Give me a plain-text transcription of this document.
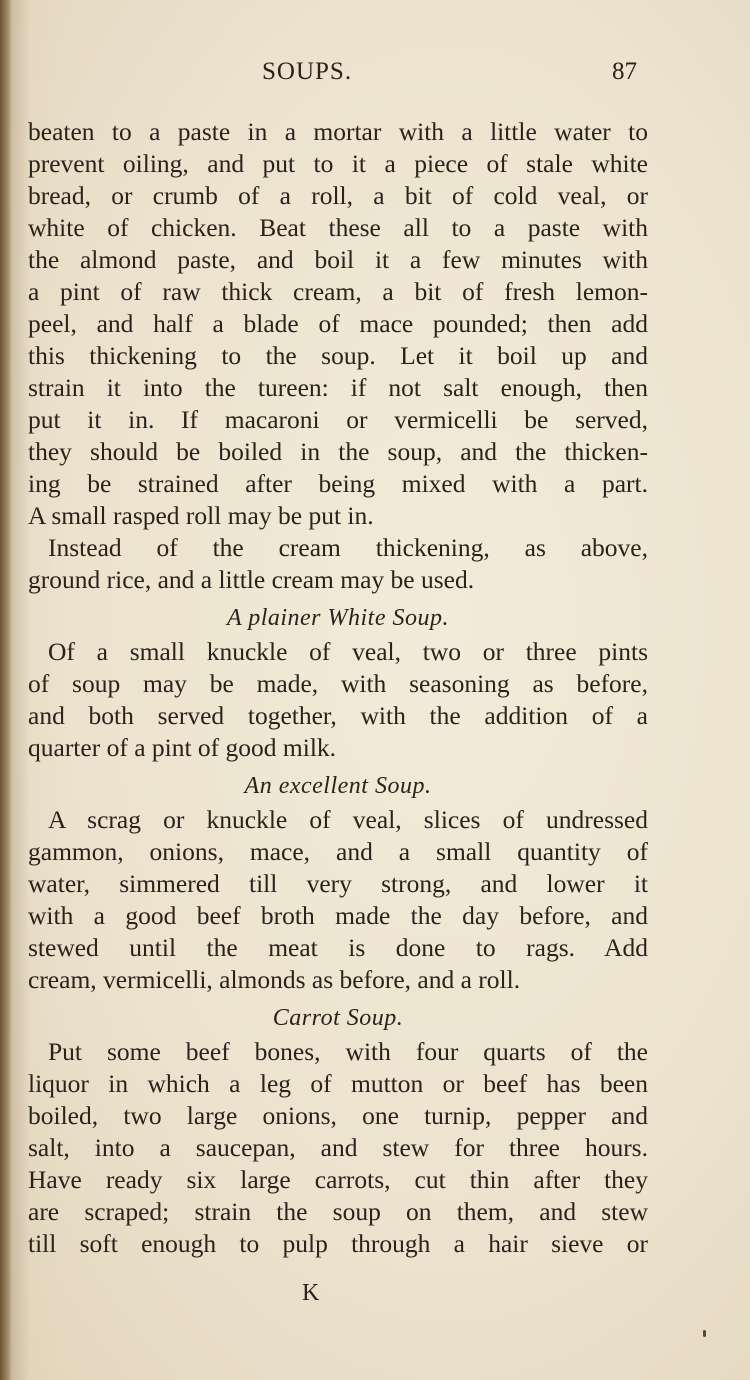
SOUPS.	87
beaten to a paste in a mortar with a little water to
prevent oiling, and put to it a piece of stale white
bread, or crumb of a roll, a bit of cold veal, or
white of chicken. Beat these all to a paste with
the almond paste, and boil it a few minutes with
a pint of raw thick cream, a bit of fresh lemon-
peel, and half a blade of mace pounded; then add
this thickening to the soup. Let it boil up and
strain it into the tureen: if not salt enough, then
put it in. If macaroni or vermicelli be served,
they should be boiled in the soup, and the thicken-
ing be strained after being mixed with a part.
A small rasped roll may be put in.
Instead of the cream thickening, as above,
ground rice, and a little cream may be used.
A plainer White Soup.
Of a small knuckle of veal, two or three pints
of soup may be made, with seasoning as before,
and both served together, with the addition of a
quarter of a pint of good milk.
An excellent Soup.
A scrag or knuckle of veal, slices of undressed
gammon, onions, mace, and a small quantity of
water, simmered till very strong, and lower it
with a good beef broth made the day before, and
stewed until the meat is done to rags. Add
cream, vermicelli, almonds as before, and a roll.
Carrot Soup.
Put some beef bones, with four quarts of the
liquor in which a leg of mutton or beef has been
boiled, two large onions, one turnip, pepper and
salt, into a saucepan, and stew for three hours.
Have ready six large carrots, cut thin after they
are scraped; strain the soup on them, and stew
till soft enough to pulp through a hair sieve or
K
